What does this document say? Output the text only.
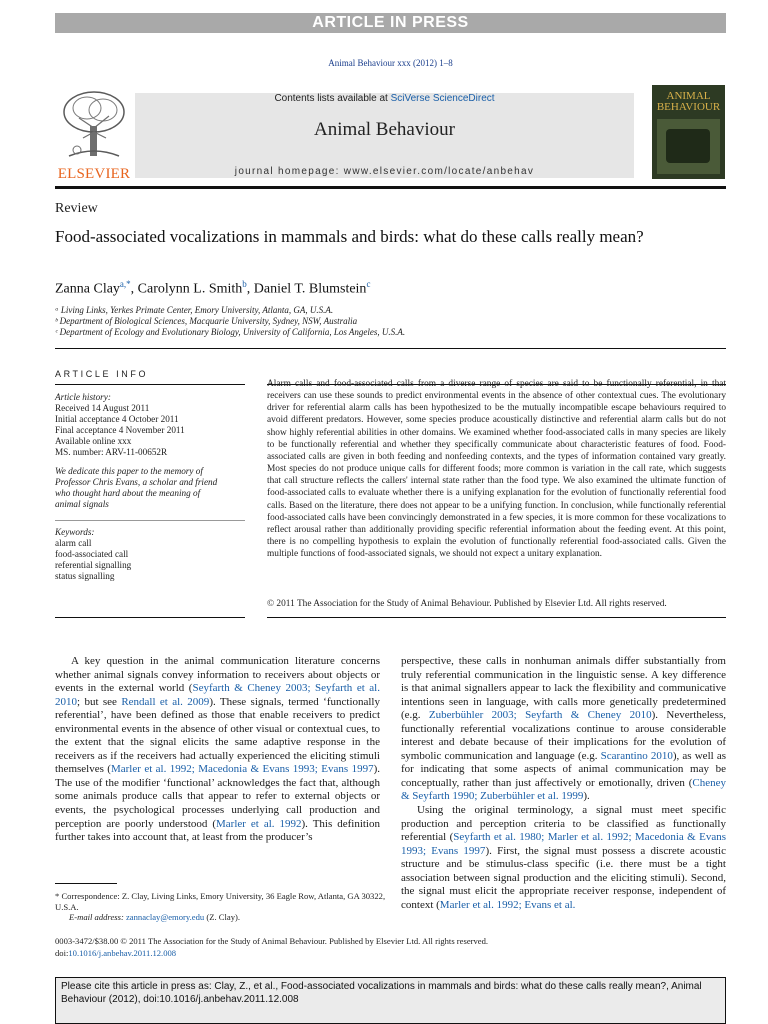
ARTICLE IN PRESS
Animal Behaviour xxx (2012) 1–8
ELSEVIER
Contents lists available at SciVerse ScienceDirect
Animal Behaviour
journal homepage: www.elsevier.com/locate/anbehav
ANIMAL
BEHAVIOUR
Review
Food-associated vocalizations in mammals and birds: what do these calls really mean?
Zanna Clay$^{a,*}$, Carolynn L. Smith$^b$, Daniel T. Blumstein$^c$
ᵃ Living Links, Yerkes Primate Center, Emory University, Atlanta, GA, U.S.A.
ᵇ Department of Biological Sciences, Macquarie University, Sydney, NSW, Australia
ᶜ Department of Ecology and Evolutionary Biology, University of California, Los Angeles, U.S.A.
ARTICLE INFO
Article history:
Received 14 August 2011
Initial acceptance 4 October 2011
Final acceptance 4 November 2011
Available online xxx
MS. number: ARV-11-00652R
We dedicate this paper to the memory of
Professor Chris Evans, a scholar and friend
who thought hard about the meaning of
animal signals
Keywords:
alarm call
food-associated call
referential signalling
status signalling
Alarm calls and food-associated calls from a diverse range of species are said to be functionally referential, in that receivers can use these sounds to predict environmental events in the absence of other contextual cues. The evolutionary driver for referential alarm calls has been hypothesized to be the mutually incompatible escape behaviours required to avoid different predators. However, some species produce acoustically distinctive and referential alarm calls but do not show highly referential abilities in other domains. We examined whether food-associated calls in many species are likely to be functionally referential and whether they specifically communicate about characteristic features of food. Food-associated calls are given in both feeding and nonfeeding contexts, and the types of information contained vary greatly. Most species do not produce unique calls for different foods; more common is variation in the call rate, which suggests that call structure reflects the callers' internal state rather than the food type. We also examined the ultimate function of food-associated calls to evaluate whether there is a unifying explanation for the evolution of functionally referential food calls. Based on the literature, there does not appear to be a unifying function. In conclusion, while functionally referential food-associated calls have been convincingly demonstrated in a few species, it is more common for these vocalizations to reflect arousal rather than additionally providing specific referential information about the feeding event. At this point, there is no compelling hypothesis to explain the evolution of functionally referential food-associated calls. Given the multiple functions of food-associated signals, we should not expect a unitary explanation.
© 2011 The Association for the Study of Animal Behaviour. Published by Elsevier Ltd. All rights reserved.

A key question in the animal communication literature concerns whether animal signals convey information to receivers about objects or events in the external world (Seyfarth & Cheney 2003; Seyfarth et al. 2010; but see Rendall et al. 2009). These signals, termed ‘functionally referential’, have been defined as those that enable receivers to predict environmental events in the absence of other visual or contextual cues, to the extent that the signal elicits the same adaptive response in the receivers as if the receivers had actually experienced the eliciting stimuli themselves (Marler et al. 1992; Macedonia & Evans 1993; Evans 1997). The use of the modifier ‘functional’ acknowledges the fact that, although some animals produce calls that appear to refer to external objects or events, the psychological processes underlying call production and perception are poorly understood (Marler et al. 1992). This definition further takes into account that, at least from the producer’s

perspective, these calls in nonhuman animals differ substantially from truly referential communication in the linguistic sense. A key difference is that animal signallers appear to lack the flexibility and communicative intentions seen in language, with calls more genetically predetermined (e.g. Zuberbühler 2003; Seyfarth & Cheney 2010). Nevertheless, functionally referential vocalizations continue to arouse considerable interest and debate because of their implications for the evolution of symbolic communication and language (e.g. Scarantino 2010), as well as for indicating that some aspects of animal communication may be conceptually, rather than just affectively or emotionally, driven (Cheney & Seyfarth 1990; Zuberbühler et al. 1999).

Using the original terminology, a signal must meet specific production and perception criteria to be classified as functionally referential (Seyfarth et al. 1980; Marler et al. 1992; Macedonia & Evans 1993; Evans 1997). First, the signal must possess a discrete acoustic structure and be stimulus-class specific (i.e. there must be a tight association between signal production and the eliciting stimuli). Second, the signal must elicit the appropriate receiver response, independent of context (Marler et al. 1992; Evans et al.

* Correspondence: Z. Clay, Living Links, Emory University, 36 Eagle Row, Atlanta, GA 30322, U.S.A.
E-mail address: zannaclay@emory.edu (Z. Clay).
0003-3472/$38.00 © 2011 The Association for the Study of Animal Behaviour. Published by Elsevier Ltd. All rights reserved.
doi:10.1016/j.anbehav.2011.12.008
Please cite this article in press as: Clay, Z., et al., Food-associated vocalizations in mammals and birds: what do these calls really mean?, Animal Behaviour (2012), doi:10.1016/j.anbehav.2011.12.008
